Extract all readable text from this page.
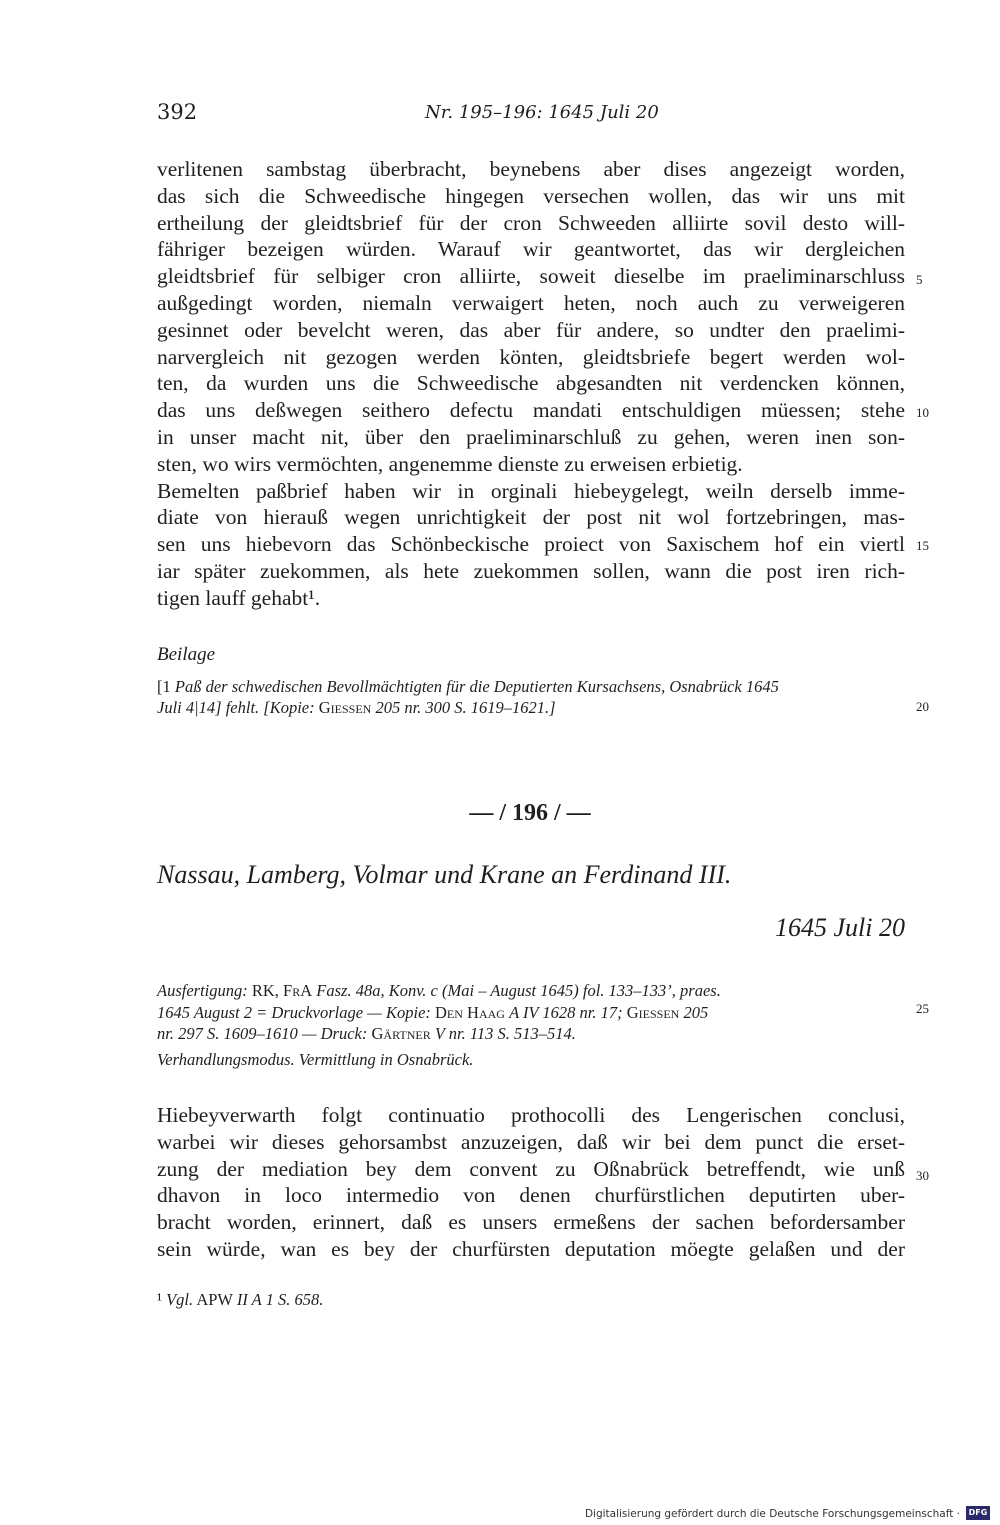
392	Nr. 195–196: 1645 Juli 20
verlitenen sambstag überbracht, beynebens aber dises angezeigt worden,
das sich die Schweedische hingegen versechen wollen, das wir uns mit
ertheilung der gleidtsbrief für der cron Schweeden alliirte sovil desto will-
fähriger bezeigen würden. Warauf wir geantwortet, das wir dergleichen
gleidtsbrief für selbiger cron alliirte, soweit dieselbe im praeliminarschluss
außgedingt worden, niemaln verwaigert heten, noch auch zu verweigeren
gesinnet oder bevelcht weren, das aber für andere, so undter den praelimi-
narvergleich nit gezogen werden könten, gleidtsbriefe begert werden wol-
ten, da wurden uns die Schweedische abgesandten nit verdencken können,
das uns deßwegen seithero defectu mandati entschuldigen müessen; stehe
in unser macht nit, über den praeliminarschluß zu gehen, weren inen son-
sten, wo wirs vermöchten, angenemme dienste zu erweisen erbietig.
Bemelten paßbrief haben wir in orginali hiebeygelegt, weiln derselb imme-
diate von hierauß wegen unrichtigkeit der post nit wol fortzebringen, mas-
sen uns hiebevorn das Schönbeckische proiect von Saxischem hof ein viertl
iar später zuekommen, als hete zuekommen sollen, wann die post iren rich-
tigen lauff gehabt¹.
5
10
15
20
25
30
Beilage
[1 Paß der schwedischen Bevollmächtigten für die Deputierten Kursachsens, Osnabrück 1645
Juli 4|14] fehlt. [Kopie: Giessen 205 nr. 300 S. 1619–1621.]
— / 196 / —
Nassau, Lamberg, Volmar und Krane an Ferdinand III.
1645 Juli 20
Ausfertigung: RK, FrA Fasz. 48a, Konv. c (Mai – August 1645) fol. 133–133’, praes.
1645 August 2 = Druckvorlage — Kopie: Den Haag A IV 1628 nr. 17; Giessen 205
nr. 297 S. 1609–1610 — Druck: Gärtner V nr. 113 S. 513–514.
Verhandlungsmodus. Vermittlung in Osnabrück.
Hiebeyverwarth folgt continuatio prothocolli des Lengerischen conclusi,
warbei wir dieses gehorsambst anzuzeigen, daß wir bei dem punct die erset-
zung der mediation bey dem convent zu Oßnabrück betreffendt, wie unß
dhavon in loco intermedio von denen churfürstlichen deputirten uber-
bracht worden, erinnert, daß es unsers ermeßens der sachen befordersamber
sein würde, wan es bey der churfürsten deputation möegte gelaßen und der
¹ Vgl. APW II A 1 S. 658.
Digitalisierung gefördert durch die Deutsche Forschungsgemeinschaft ·	DFG
